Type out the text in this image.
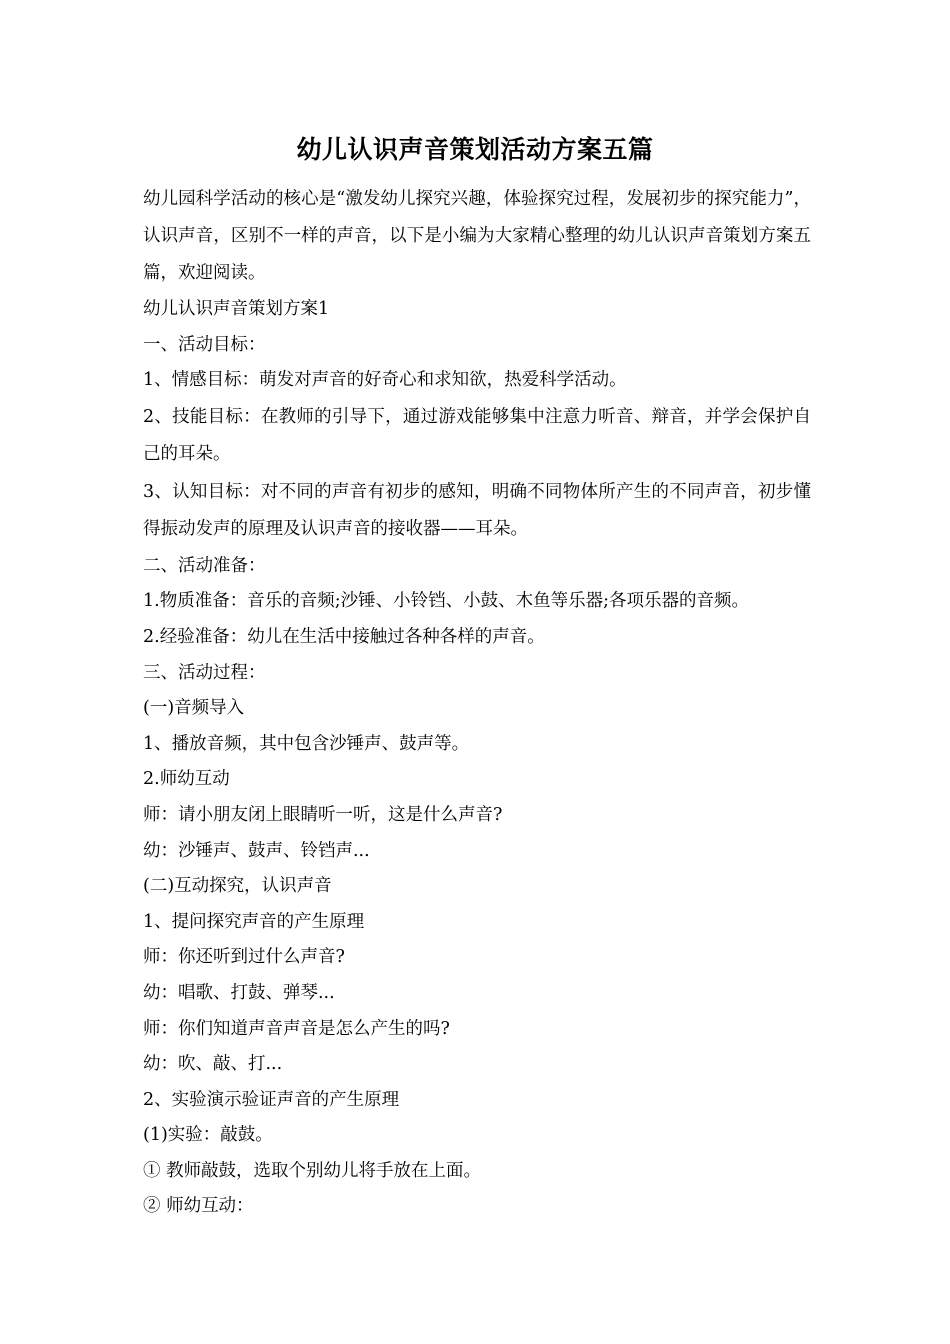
幼儿认识声音策划活动方案五篇

幼儿园科学活动的核心是“激发幼儿探究兴趣，体验探究过程，发展初步的探究能力”，认识声音，区别不一样的声音，以下是小编为大家精心整理的幼儿认识声音策划方案五篇，欢迎阅读。

幼儿认识声音策划方案1

一、活动目标：

1、情感目标：萌发对声音的好奇心和求知欲，热爱科学活动。

2、技能目标：在教师的引导下，通过游戏能够集中注意力听音、辩音，并学会保护自己的耳朵。

3、认知目标：对不同的声音有初步的感知，明确不同物体所产生的不同声音，初步懂得振动发声的原理及认识声音的接收器——耳朵。

二、活动准备：

1.物质准备：音乐的音频;沙锤、小铃铛、小鼓、木鱼等乐器;各项乐器的音频。

2.经验准备：幼儿在生活中接触过各种各样的声音。

三、活动过程：

(一)音频导入

1、播放音频，其中包含沙锤声、鼓声等。

2.师幼互动

师：请小朋友闭上眼睛听一听，这是什么声音?

幼：沙锤声、鼓声、铃铛声...

(二)互动探究，认识声音

1、提问探究声音的产生原理

师：你还听到过什么声音?

幼：唱歌、打鼓、弹琴...

师：你们知道声音声音是怎么产生的吗?

幼：吹、敲、打...

2、实验演示验证声音的产生原理

(1)实验：敲鼓。

① 教师敲鼓，选取个别幼儿将手放在上面。

② 师幼互动：
